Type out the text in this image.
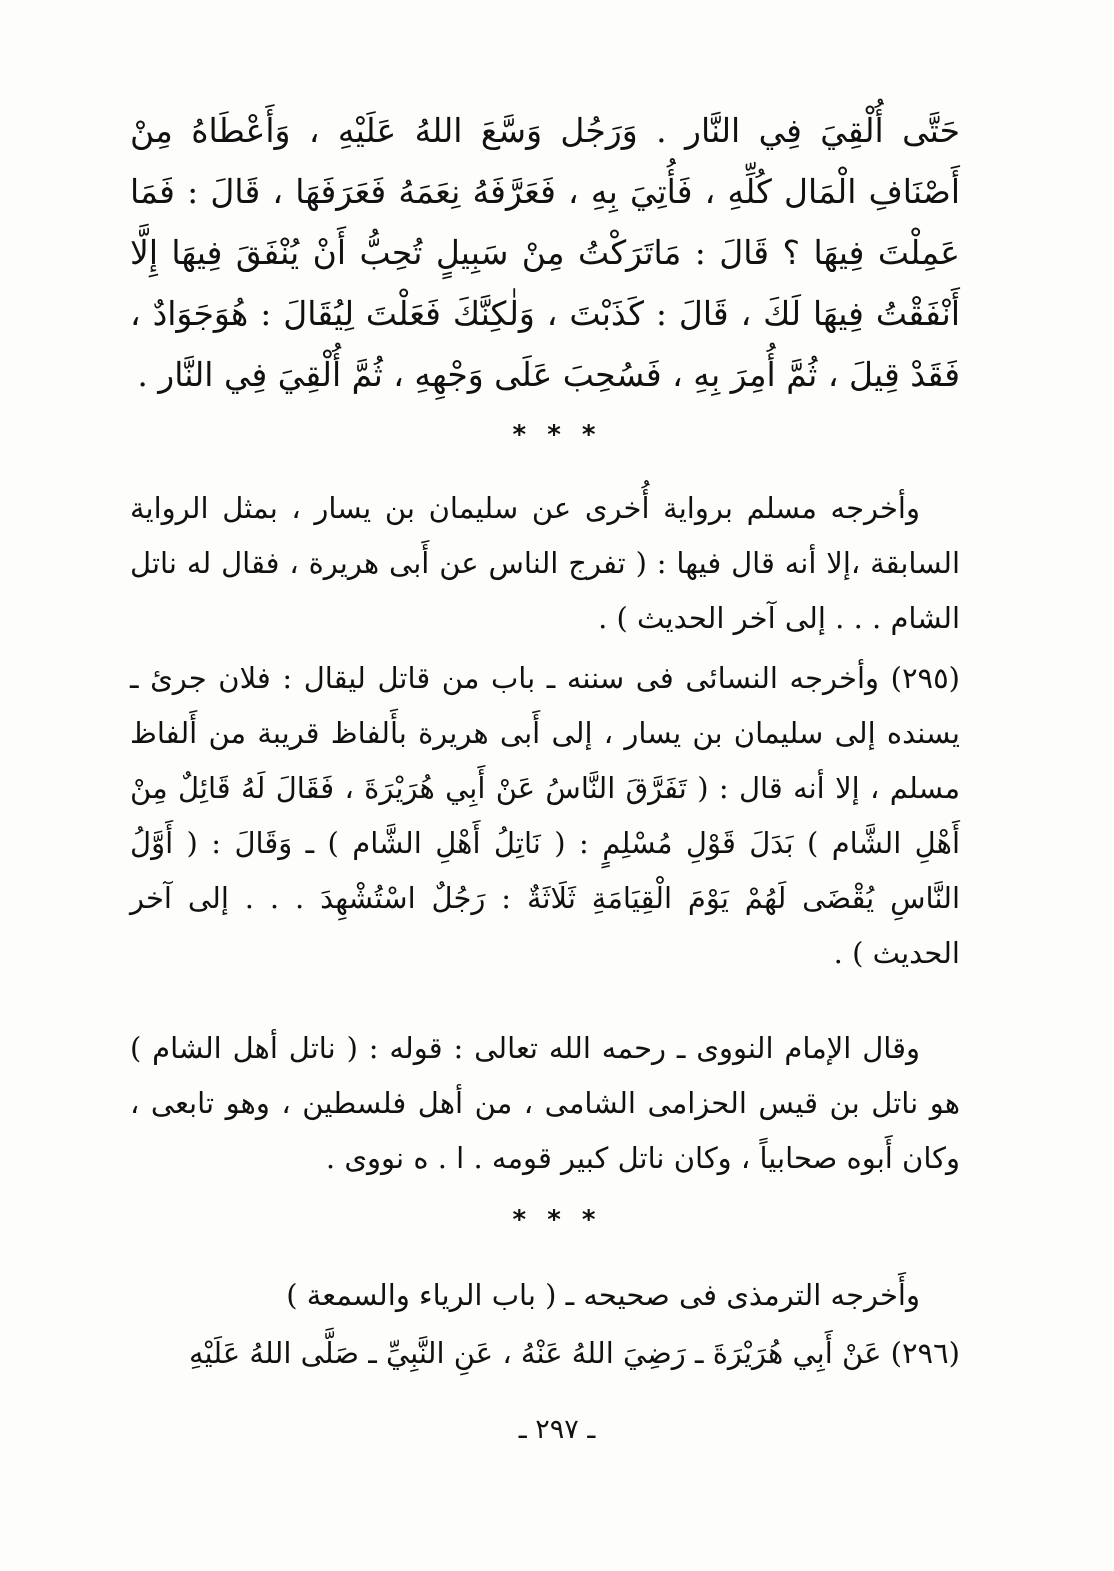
حَتَّى أُلْقِيَ فِي النَّار . وَرَجُل وَسَّعَ اللهُ عَلَيْهِ ، وَأَعْطَاهُ مِنْ أَصْنَافِ الْمَال كُلِّهِ ، فَأُتِيَ بِهِ ، فَعَرَّفَهُ نِعَمَهُ فَعَرَفَهَا ، قَالَ : فَمَا عَمِلْتَ فِيهَا ؟ قَالَ : مَاتَرَكْتُ مِنْ سَبِيلٍ تُحِبُّ أَنْ يُنْفَقَ فِيهَا إِلَّا أَنْفَقْتُ فِيهَا لَكَ ، قَالَ : كَذَبْتَ ، وَلٰكِنَّكَ فَعَلْتَ لِيُقَالَ : هُوَجَوَادٌ ، فَقَدْ قِيلَ ، ثُمَّ أُمِرَ بِهِ ، فَسُحِبَ عَلَى وَجْهِهِ ، ثُمَّ أُلْقِيَ فِي النَّار .

* * *

وأخرجه مسلم برواية أُخرى عن سليمان بن يسار ، بمثل الرواية السابقة ،إلا أنه قال فيها : ( تفرج الناس عن أَبى هريرة ، فقال له ناتل الشام . . . إلى آخر الحديث ) .

(٢٩٥) وأخرجه النسائى فى سننه ـ باب من قاتل ليقال : فلان جرئ ـ يسنده إلى سليمان بن يسار ، إلى أَبى هريرة بأَلفاظ قريبة من أَلفاظ مسلم ، إلا أنه قال : ( تَفَرَّقَ النَّاسُ عَنْ أَبِي هُرَيْرَةَ ، فَقَالَ لَهُ قَائِلٌ مِنْ أَهْلِ الشَّام ) بَدَلَ قَوْلِ مُسْلِمٍ : ( نَاتِلُ أَهْلِ الشَّام ) ـ وَقَالَ : ( أَوَّلُ النَّاسِ يُقْضَى لَهُمْ يَوْمَ الْقِيَامَةِ ثَلَاثَةٌ : رَجُلٌ اسْتُشْهِدَ . . . إلى آخر الحديث ) .

وقال الإمام النووى ـ رحمه الله تعالى : قوله : ( ناتل أهل الشام ) هو ناتل بن قيس الحزامى الشامى ، من أهل فلسطين ، وهو تابعى ، وكان أَبوه صحابياً ، وكان ناتل كبير قومه . ا . ه نووى .

* * *

وأَخرجه الترمذى فى صحيحه ـ ( باب الرياء والسمعة )

(٢٩٦) عَنْ أَبِي هُرَيْرَةَ ـ رَضِيَ اللهُ عَنْهُ ، عَنِ النَّبِيِّ ـ صَلَّى اللهُ عَلَيْهِ

ـ ٢٩٧ ـ
